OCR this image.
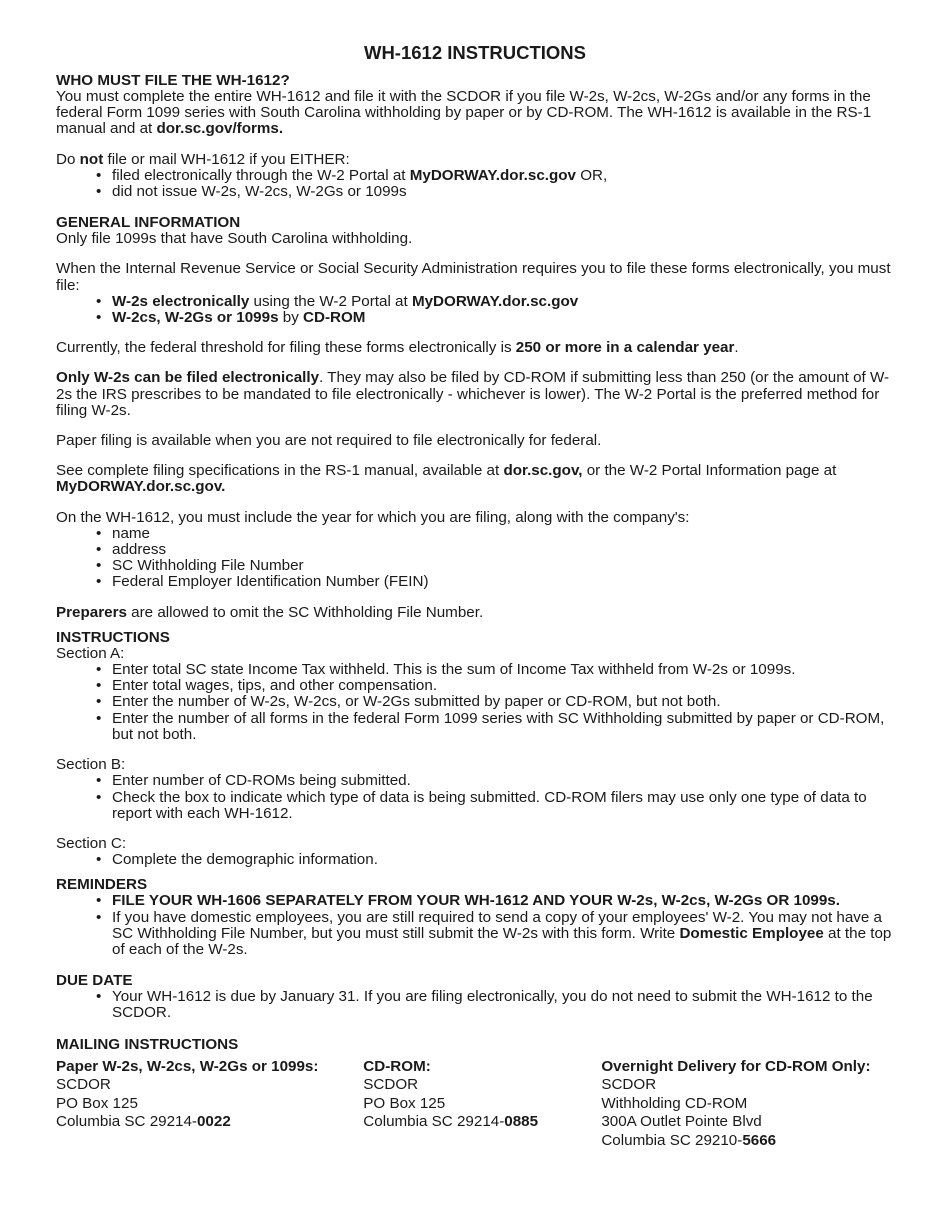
WH-1612 INSTRUCTIONS
WHO MUST FILE THE WH-1612?

You must complete the entire WH-1612 and file it with the SCDOR if you file W-2s, W-2cs, W-2Gs and/or any forms in the federal Form 1099 series with South Carolina withholding by paper or by CD-ROM. The WH-1612 is available in the RS-1 manual and at dor.sc.gov/forms.

Do not file or mail WH-1612 if you EITHER:

• filed electronically through the W-2 Portal at MyDORWAY.dor.sc.gov OR,
• did not issue W-2s, W-2cs, W-2Gs or 1099s
GENERAL INFORMATION

Only file 1099s that have South Carolina withholding.

When the Internal Revenue Service or Social Security Administration requires you to file these forms electronically, you must file:

• W-2s electronically using the W-2 Portal at MyDORWAY.dor.sc.gov
• W-2cs, W-2Gs or 1099s by CD-ROM

Currently, the federal threshold for filing these forms electronically is 250 or more in a calendar year.

Only W-2s can be filed electronically. They may also be filed by CD-ROM if submitting less than 250 (or the amount of W-2s the IRS prescribes to be mandated to file electronically - whichever is lower). The W-2 Portal is the preferred method for filing W-2s.

Paper filing is available when you are not required to file electronically for federal.

See complete filing specifications in the RS-1 manual, available at dor.sc.gov, or the W-2 Portal Information page at MyDORWAY.dor.sc.gov.

On the WH-1612, you must include the year for which you are filing, along with the company's:

• name
• address
• SC Withholding File Number
• Federal Employer Identification Number (FEIN)

Preparers are allowed to omit the SC Withholding File Number.

INSTRUCTIONS

Section A:

• Enter total SC state Income Tax withheld. This is the sum of Income Tax withheld from W-2s or 1099s.
• Enter total wages, tips, and other compensation.
• Enter the number of W-2s, W-2cs, or W-2Gs submitted by paper or CD-ROM, but not both.
• Enter the number of all forms in the federal Form 1099 series with SC Withholding submitted by paper or CD-ROM, but not both.

Section B:

• Enter number of CD-ROMs being submitted.
• Check the box to indicate which type of data is being submitted. CD-ROM filers may use only one type of data to report with each WH-1612.

Section C:

• Complete the demographic information.
REMINDERS
• FILE YOUR WH-1606 SEPARATELY FROM YOUR WH-1612 AND YOUR W-2s, W-2cs, W-2Gs OR 1099s.
• If you have domestic employees, you are still required to send a copy of your employees' W-2. You may not have a SC Withholding File Number, but you must still submit the W-2s with this form. Write Domestic Employee at the top of each of the W-2s.
DUE DATE
• Your WH-1612 is due by January 31. If you are filing electronically, you do not need to submit the WH-1612 to the SCDOR.
MAILING INSTRUCTIONS

Paper W-2s, W-2cs, W-2Gs or 1099s:

SCDOR

PO Box 125

Columbia SC 29214-0022

CD-ROM:

SCDOR

PO Box 125

Columbia SC 29214-0885

Overnight Delivery for CD-ROM Only:

SCDOR

Withholding CD-ROM

300A Outlet Pointe Blvd

Columbia SC 29210-5666
